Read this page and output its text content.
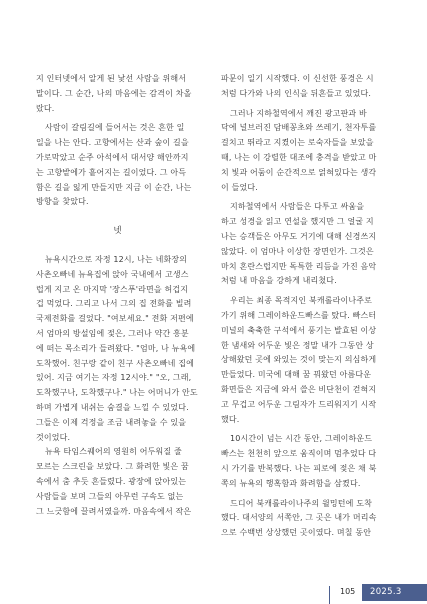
지 인터넷에서 알게 된 낯선 사람을 위해서
말이다. 그 순간, 나의 마음에는 감격이 차올
랐다.

사람이 갈림길에 들어서는 것은 흔한 일
일을 나는 안다. 고향에서는 산과 숲이 길을
가로막았고 순주 아석에서 대서양 해안까지
는 고향밭에가 흩어지는 길이었다. 그 아득
함은 길을 잃게 만들지만 지금 이 순간, 나는
방향을 찾았다.

넷

뉴욕시간으로 자정 12시, 나는 네화장의
사촌오빠네 뉴욕집에 앉아 국내에서 고생스
럽게 지고 온 마지막 '장스푸'라면을 허겁지
겁 먹었다. 그리고 나서 그의 집 전화를 빌려
국제전화를 걸었다. "여보세요." 전화 저편에
서 엄마의 방설임에 젖은, 그러나 약간 흥분
에 떠는 목소리가 들려왔다. "엄마, 나 뉴욕에
도착했어. 친구랑 같이 친구 사촌오빠네 집에
있어. 지금 여기는 자정 12시야." "오, 그래,
도착했구나, 도착했구나." 나는 어머니가 안도
하며 가볍게 내쉬는 숨결을 느낄 수 있었다.
그들은 이제 걱정을 조금 내려놓을 수 있을
것이었다.

뉴욕 타임스퀘어의 영원히 어두워질 줄
모르는 스크린을 보았다. 그 화려한 빛은 꿈
속에서 춤 추듯 흔들렸다. 광장에 앉아있는
사람들을 보며 그들의 아무런 구속도 없는
그 느긋함에 끌려서였을까. 마음속에서 작은

파문이 일기 시작했다. 이 신선한 풍경은 시
처럼 다가와 나의 인식을 뒤흔들고 있었다.

그러나 지하철역에서 깨진 광고판과 바
닥에 널브러진 담배꽁초와 쓰레기, 천자투를
걸치고 뛰라고 지켰이는 로숙자들을 보았을
때, 나는 이 강렬한 대조에 충격을 받았고 마
치 빛과 어둠이 순간적으로 얽혀있다는 생각
이 들었다.

지하철역에서 사람들은 다투고 싸움을
하고 성경을 읽고 연설을 했지만 그 얼굴 지
나는 승객들은 아무도 거기에 대해 신경쓰지
않았다. 이 엄마나 이상한 장면인가. 그것은
마치 혼란스럽지만 독특한 리듬을 가진 음악
처럼 내 마음을 강하게 내리쳤다.

우리는 최종 목적지인 북캐롤라이나주로
가기 위해 그레이하운드빠스를 탔다. 빠스터
미널의 축축한 구석에서 풍기는 발효된 이상
한 냄새와 어두운 빛은 정말 내가 그동안 상
상해왔던 곳에 와있는 것이 맞는지 의심하게
만들었다. 미국에 대해 꿈 꿔왔던 아름다운
화면들은 지금에 와서 쓸은 비단천이 걷혀지
고 무겁고 어두운 그림자가 드리워지기 시작
했다.

10시간이 넘는 시간 동안, 그레이하운드
빠스는 천천히 앞으로 움직이며 멈추었다 다
시 가기를 반복했다. 나는 피로에 젖은 채 북
쪽의 뉴욕의 행혹함과 화려함을 삼켰다.

드디어 북캐롤라이나주의 윌밍턴에 도착
했다. 대서양의 서쪽안, 그 곳은 내가 머리속
으로 수백번 상상했던 곳이였다. 며칠 동안

105	2025.3
